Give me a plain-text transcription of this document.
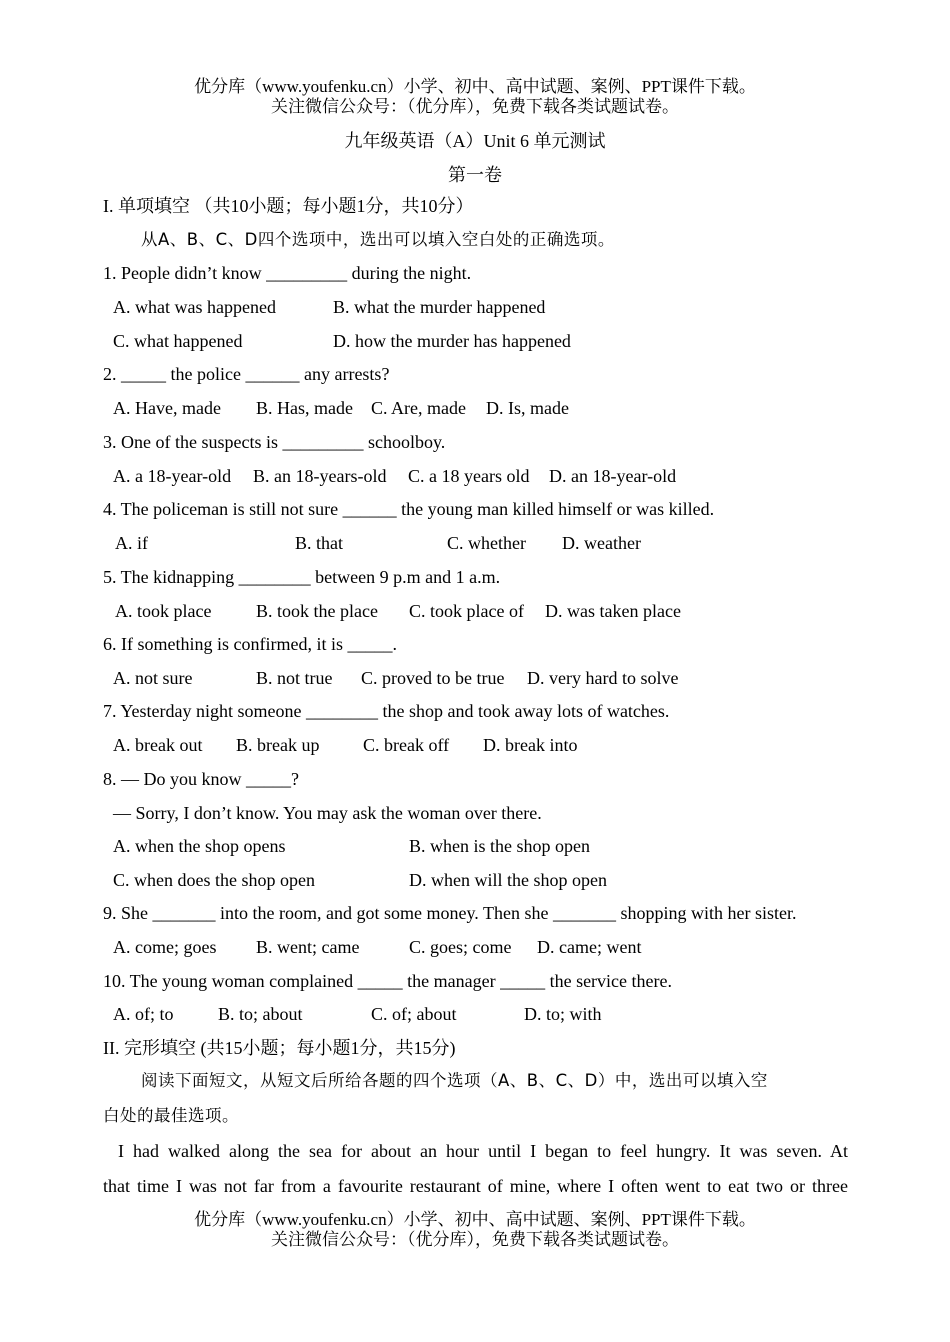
优分库（www.youfenku.cn）小学、初中、高中试题、案例、PPT课件下载。
关注微信公众号：（优分库），免费下载各类试题试卷。
九年级英语（A）Unit 6 单元测试
第一卷
I. 单项填空 （共10小题；每小题1分，共10分）
从A、B、C、D四个选项中，选出可以填入空白处的正确选项。
1. People didn’t know _________ during the night.
A. what was happened	B. what the murder happened
C. what happened	D. how the murder has happened
2. _____ the police ______ any arrests?
A. Have, made B. Has, made C. Are, made D. Is, made
3. One of the suspects is _________ schoolboy.
A. a 18-year-old B. an 18-years-old C. a 18 years old D. an 18-year-old
4. The policeman is still not sure ______ the young man killed himself or was killed.
A. if	B. that	C. whether D. weather
5. The kidnapping ________ between 9 p.m and 1 a.m.
A. took place B. took the place C. took place of D. was taken place
6. If something is confirmed, it is _____.
A. not sure	B. not true C. proved to be true D. very hard to solve
7. Yesterday night someone ________ the shop and took away lots of watches.
A. break out B. break up C. break off D. break into
8. — Do you know _____?
— Sorry, I don’t know. You may ask the woman over there.
A. when the shop opens	B. when is the shop open
C. when does the shop open	D. when will the shop open
9. She _______ into the room, and got some money. Then she _______ shopping with her sister.
A. come; goes B. went; came	C. goes; come D. came; went
10. The young woman complained _____ the manager _____ the service there.
A. of; to B. to; about	C. of; about	D. to; with
II. 完形填空 (共15小题；每小题1分，共15分)
阅读下面短文，从短文后所给各题的四个选项（A、B、C、D）中，选出可以填入空
白处的最佳选项。
I had walked along the sea for about an hour until I began to feel hungry. It was seven. At
that time I was not far from a favourite restaurant of mine, where I often went to eat two or three
优分库（www.youfenku.cn）小学、初中、高中试题、案例、PPT课件下载。
关注微信公众号：（优分库），免费下载各类试题试卷。
